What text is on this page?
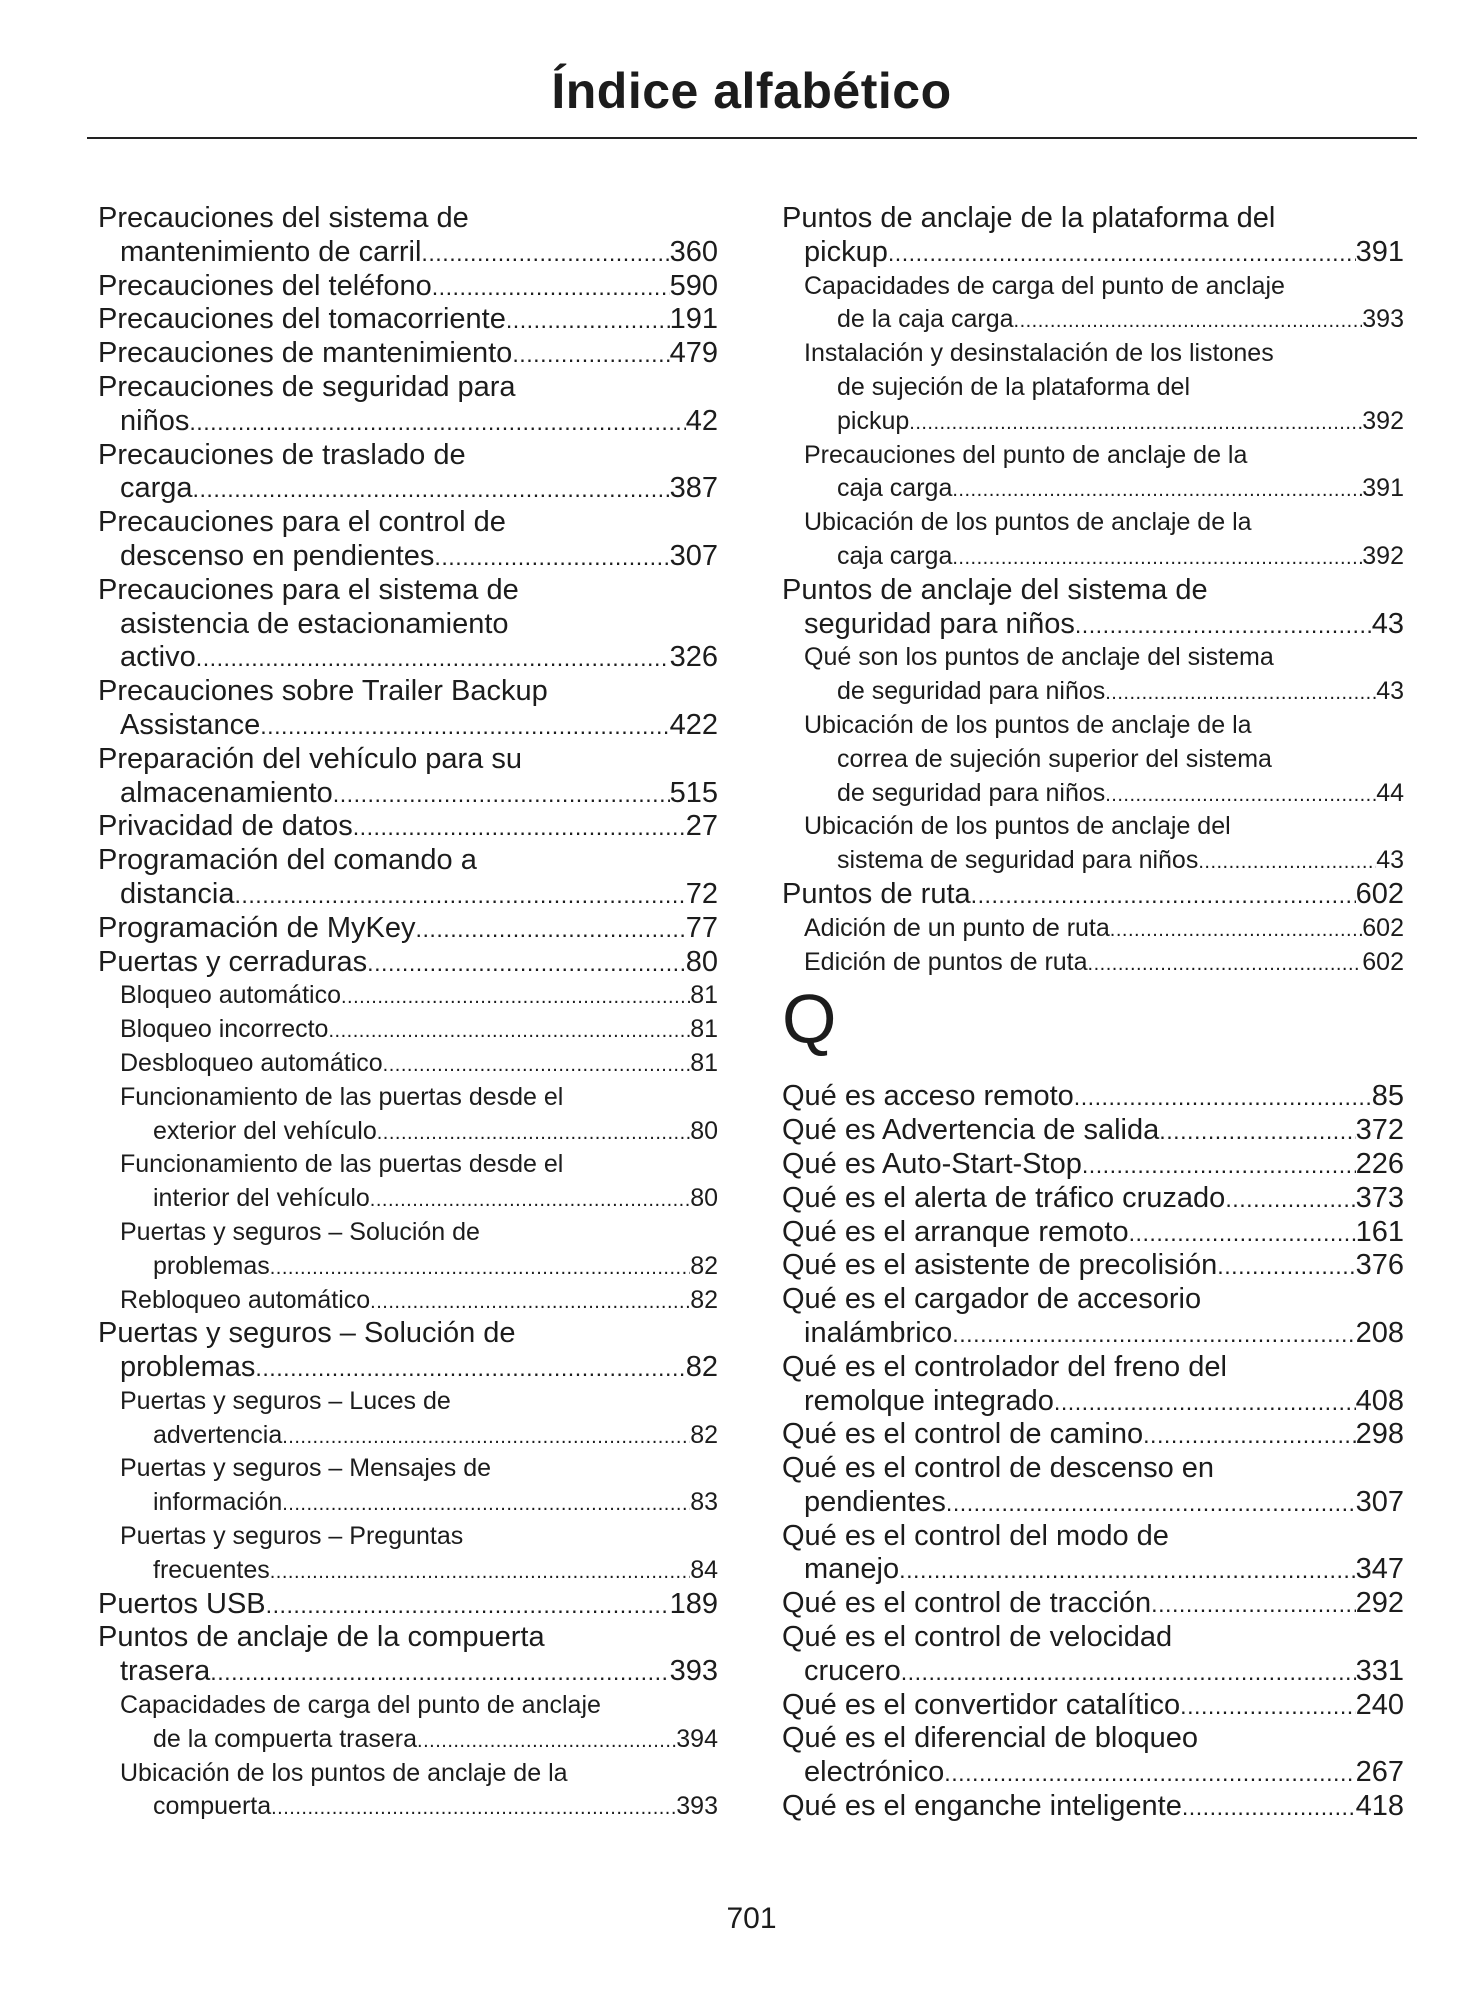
Índice alfabético
Precauciones del sistema de
mantenimiento de carril .....	360
Precauciones del teléfono .....	590
Precauciones del tomacorriente .....	191
Precauciones de mantenimiento .....	479
Precauciones de seguridad para
niños .....	42
Precauciones de traslado de
carga .....	387
Precauciones para el control de
descenso en pendientes .....	307
Precauciones para el sistema de
asistencia de estacionamiento
activo .....	326
Precauciones sobre Trailer Backup
Assistance .....	422
Preparación del vehículo para su
almacenamiento .....	515
Privacidad de datos .....	27
Programación del comando a
distancia .....	72
Programación de MyKey .....	77
Puertas y cerraduras .....	80
Bloqueo automático .....	81
Bloqueo incorrecto .....	81
Desbloqueo automático .....	81
Funcionamiento de las puertas desde el
exterior del vehículo .....	80
Funcionamiento de las puertas desde el
interior del vehículo .....	80
Puertas y seguros – Solución de
problemas .....	82
Rebloqueo automático .....	82
Puertas y seguros – Solución de
problemas .....	82
Puertas y seguros – Luces de
advertencia .....	82
Puertas y seguros – Mensajes de
información .....	83
Puertas y seguros – Preguntas
frecuentes .....	84
Puertos USB .....	189
Puntos de anclaje de la compuerta
trasera .....	393
Capacidades de carga del punto de anclaje
de la compuerta trasera .....	394
Ubicación de los puntos de anclaje de la
compuerta .....	393
Puntos de anclaje de la plataforma del
pickup .....	391
Capacidades de carga del punto de anclaje
de la caja carga .....	393
Instalación y desinstalación de los listones
de sujeción de la plataforma del
pickup .....	392
Precauciones del punto de anclaje de la
caja carga .....	391
Ubicación de los puntos de anclaje de la
caja carga .....	392
Puntos de anclaje del sistema de
seguridad para niños .....	43
Qué son los puntos de anclaje del sistema
de seguridad para niños .....	43
Ubicación de los puntos de anclaje de la
correa de sujeción superior del sistema
de seguridad para niños .....	44
Ubicación de los puntos de anclaje del
sistema de seguridad para niños .....	43
Puntos de ruta .....	602
Adición de un punto de ruta .....	602
Edición de puntos de ruta .....	602
Q
Qué es acceso remoto .....	85
Qué es Advertencia de salida .....	372
Qué es Auto-Start-Stop .....	226
Qué es el alerta de tráfico cruzado .....	373
Qué es el arranque remoto .....	161
Qué es el asistente de precolisión .....	376
Qué es el cargador de accesorio
inalámbrico .....	208
Qué es el controlador del freno del
remolque integrado .....	408
Qué es el control de camino .....	298
Qué es el control de descenso en
pendientes .....	307
Qué es el control del modo de
manejo .....	347
Qué es el control de tracción .....	292
Qué es el control de velocidad
crucero .....	331
Qué es el convertidor catalítico .....	240
Qué es el diferencial de bloqueo
electrónico .....	267
Qué es el enganche inteligente .....	418
701
